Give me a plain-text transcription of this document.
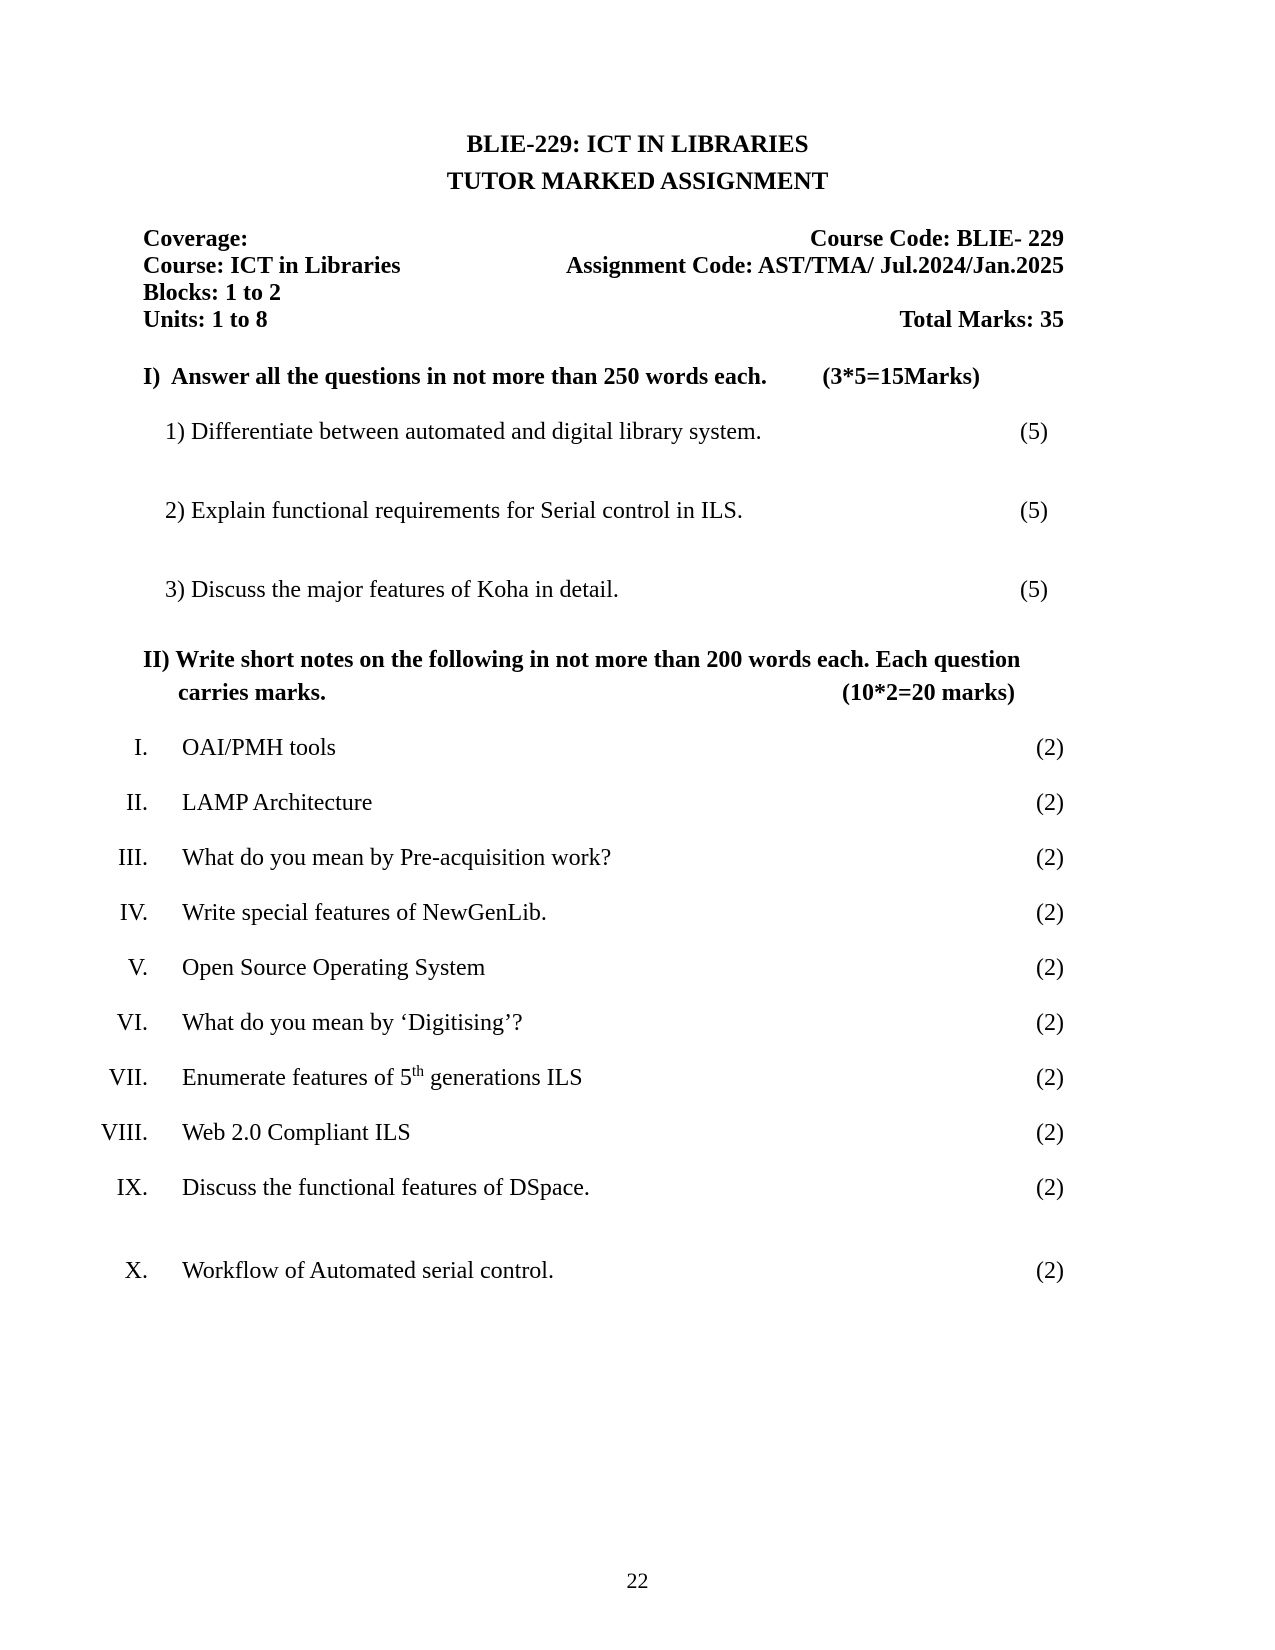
BLIE-229: ICT IN LIBRARIES
TUTOR MARKED ASSIGNMENT
Coverage:	Course Code: BLIE- 229
Course: ICT in Libraries	Assignment Code: AST/TMA/ Jul.2024/Jan.2025
Blocks: 1 to 2
Units: 1 to 8	Total Marks: 35
I)  Answer all the questions in not more than 250 words each. (3*5=15Marks)
1) Differentiate between automated and digital library system.	(5)
2) Explain functional requirements for Serial control in ILS.	(5)
3) Discuss the major features of Koha in detail.	(5)
II) Write short notes on the following in not more than 200 words each. Each question
carries marks.	(10*2=20 marks)
I.	OAI/PMH tools	(2)
II.	LAMP Architecture	(2)
III.	What do you mean by Pre-acquisition work?	(2)
IV.	Write special features of NewGenLib.	(2)
V.	Open Source Operating System	(2)
VI.	What do you mean by ‘Digitising’?	(2)
VII.	Enumerate features of 5th generations ILS	(2)
VIII.	Web 2.0 Compliant ILS	(2)
IX.	Discuss the functional features of DSpace.	(2)
X.	Workflow of Automated serial control.	(2)
22
